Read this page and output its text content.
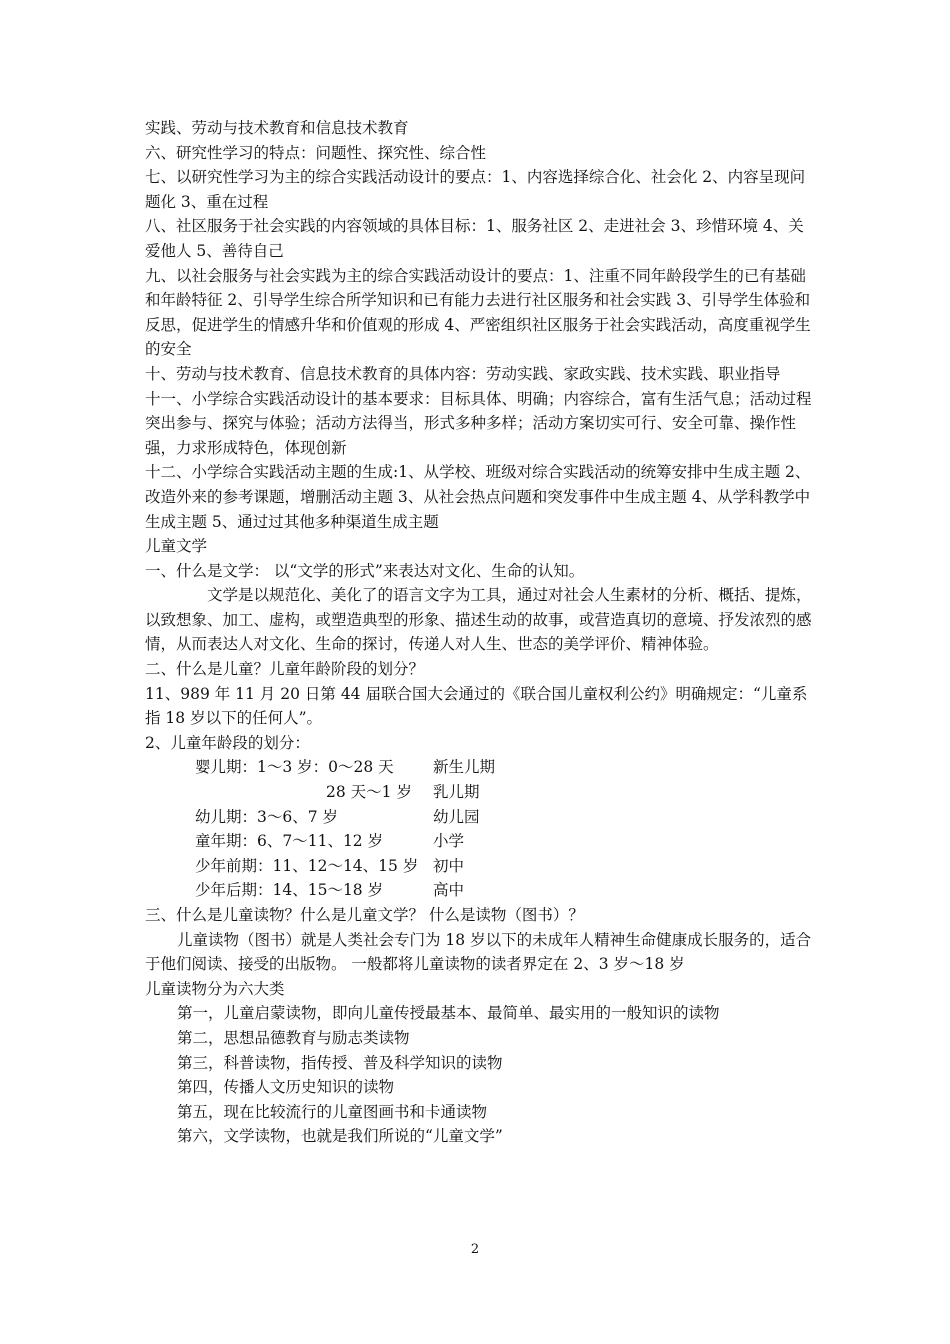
实践、劳动与技术教育和信息技术教育

六、研究性学习的特点：问题性、探究性、综合性

七、以研究性学习为主的综合实践活动设计的要点：1、内容选择综合化、社会化 2、内容呈现问题化 3、重在过程

八、社区服务于社会实践的内容领域的具体目标：1、服务社区 2、走进社会 3、珍惜环境 4、关爱他人 5、善待自己

九、以社会服务与社会实践为主的综合实践活动设计的要点：1、注重不同年龄段学生的已有基础和年龄特征 2、引导学生综合所学知识和已有能力去进行社区服务和社会实践 3、引导学生体验和反思，促进学生的情感升华和价值观的形成 4、严密组织社区服务于社会实践活动，高度重视学生的安全

十、劳动与技术教育、信息技术教育的具体内容：劳动实践、家政实践、技术实践、职业指导

十一、小学综合实践活动设计的基本要求：目标具体、明确；内容综合，富有生活气息；活动过程突出参与、探究与体验；活动方法得当，形式多种多样；活动方案切实可行、安全可靠、操作性强，力求形成特色，体现创新

十二、小学综合实践活动主题的生成:1、从学校、班级对综合实践活动的统筹安排中生成主题 2、改造外来的参考课题，增删活动主题 3、从社会热点问题和突发事件中生成主题 4、从学科教学中生成主题 5、通过过其他多种渠道生成主题

儿童文学

一、什么是文学： 以“文学的形式”来表达对文化、生命的认知。

文学是以规范化、美化了的语言文字为工具，通过对社会人生素材的分析、概括、提炼，以致想象、加工、虚构，或塑造典型的形象、描述生动的故事，或营造真切的意境、抒发浓烈的感情，从而表达人对文化、生命的探讨，传递人对人生、世态的美学评价、精神体验。

二、什么是儿童？儿童年龄阶段的划分？

11、989 年 11 月 20 日第 44 届联合国大会通过的《联合国儿童权利公约》明确规定：“儿童系指 18 岁以下的任何人”。

2、儿童年龄段的划分：

婴儿期：1～3 岁：0～28 天	新生儿期
28 天～1 岁 乳儿期
幼儿期：3～6、7 岁	幼儿园
童年期：6、7～11、12 岁	小学
少年前期：11、12～14、15 岁 初中
少年后期：14、15～18 岁	高中

三、什么是儿童读物？什么是儿童文学？ 什么是读物（图书）？

儿童读物（图书）就是人类社会专门为 18 岁以下的未成年人精神生命健康成长服务的，适合于他们阅读、接受的出版物。 一般都将儿童读物的读者界定在 2、3 岁～18 岁

儿童读物分为六大类

第一，儿童启蒙读物，即向儿童传授最基本、最简单、最实用的一般知识的读物

第二，思想品德教育与励志类读物

第三，科普读物，指传授、普及科学知识的读物

第四，传播人文历史知识的读物

第五，现在比较流行的儿童图画书和卡通读物

第六，文学读物，也就是我们所说的“儿童文学”

2
